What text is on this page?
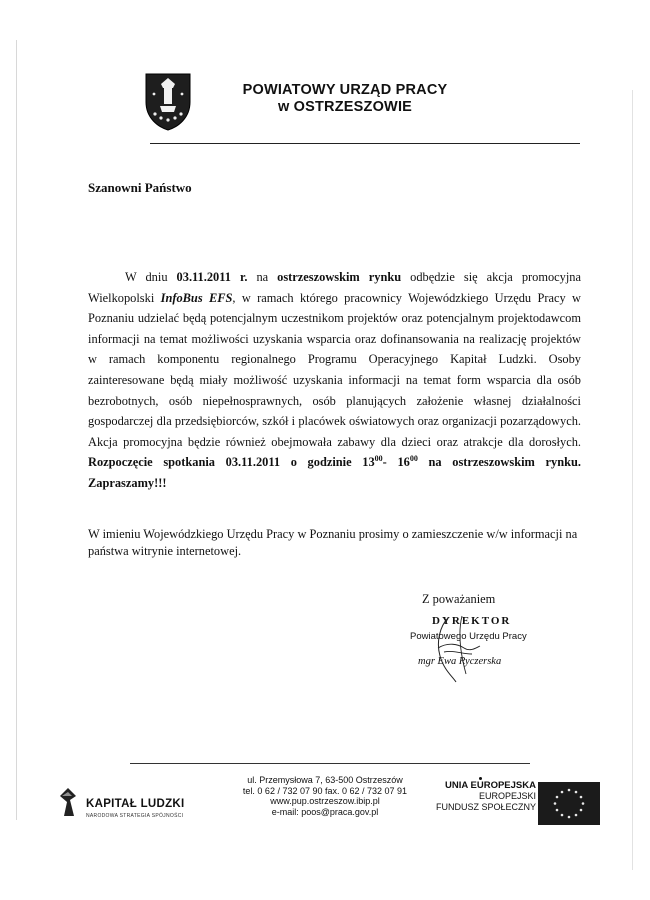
POWIATOWY URZĄD PRACY
w OSTRZESZOWIE
Szanowni Państwo
W dniu 03.11.2011 r. na ostrzeszowskim rynku odbędzie się akcja promocyjna Wielkopolski InfoBus EFS, w ramach którego pracownicy Wojewódzkiego Urzędu Pracy w Poznaniu udzielać będą potencjalnym uczestnikom projektów oraz potencjalnym projektodawcom informacji na temat możliwości uzyskania wsparcia oraz dofinansowania na realizację projektów w ramach komponentu regionalnego Programu Operacyjnego Kapitał Ludzki. Osoby zainteresowane będą miały możliwość uzyskania informacji na temat form wsparcia dla osób bezrobotnych, osób niepełnosprawnych, osób planujących założenie własnej działalności gospodarczej dla przedsiębiorców, szkół i placówek oświatowych oraz organizacji pozarządowych. Akcja promocyjna będzie również obejmowała zabawy dla dzieci oraz atrakcje dla dorosłych. Rozpoczęcie spotkania 03.11.2011 o godzinie $13^{00}-$ $16^{00}$ na ostrzeszowskim rynku. Zapraszamy!!!
W imieniu Wojewódzkiego Urzędu Pracy w Poznaniu prosimy o zamieszczenie w/w informacji na państwa witrynie internetowej.
Z poważaniem
DYREKTOR
Powiatowego Urzędu Pracy
mgr Ewa Ryczerska
KAPITAŁ LUDZKI
NARODOWA STRATEGIA SPÓJNOŚCI
ul. Przemysłowa 7, 63-500 Ostrzeszów
tel. 0 62 / 732 07 90 fax. 0 62 / 732 07 91
www.pup.ostrzeszow.ibip.pl
e-mail: poos@praca.gov.pl
UNIA EUROPEJSKA
EUROPEJSKI
FUNDUSZ SPOŁECZNY
